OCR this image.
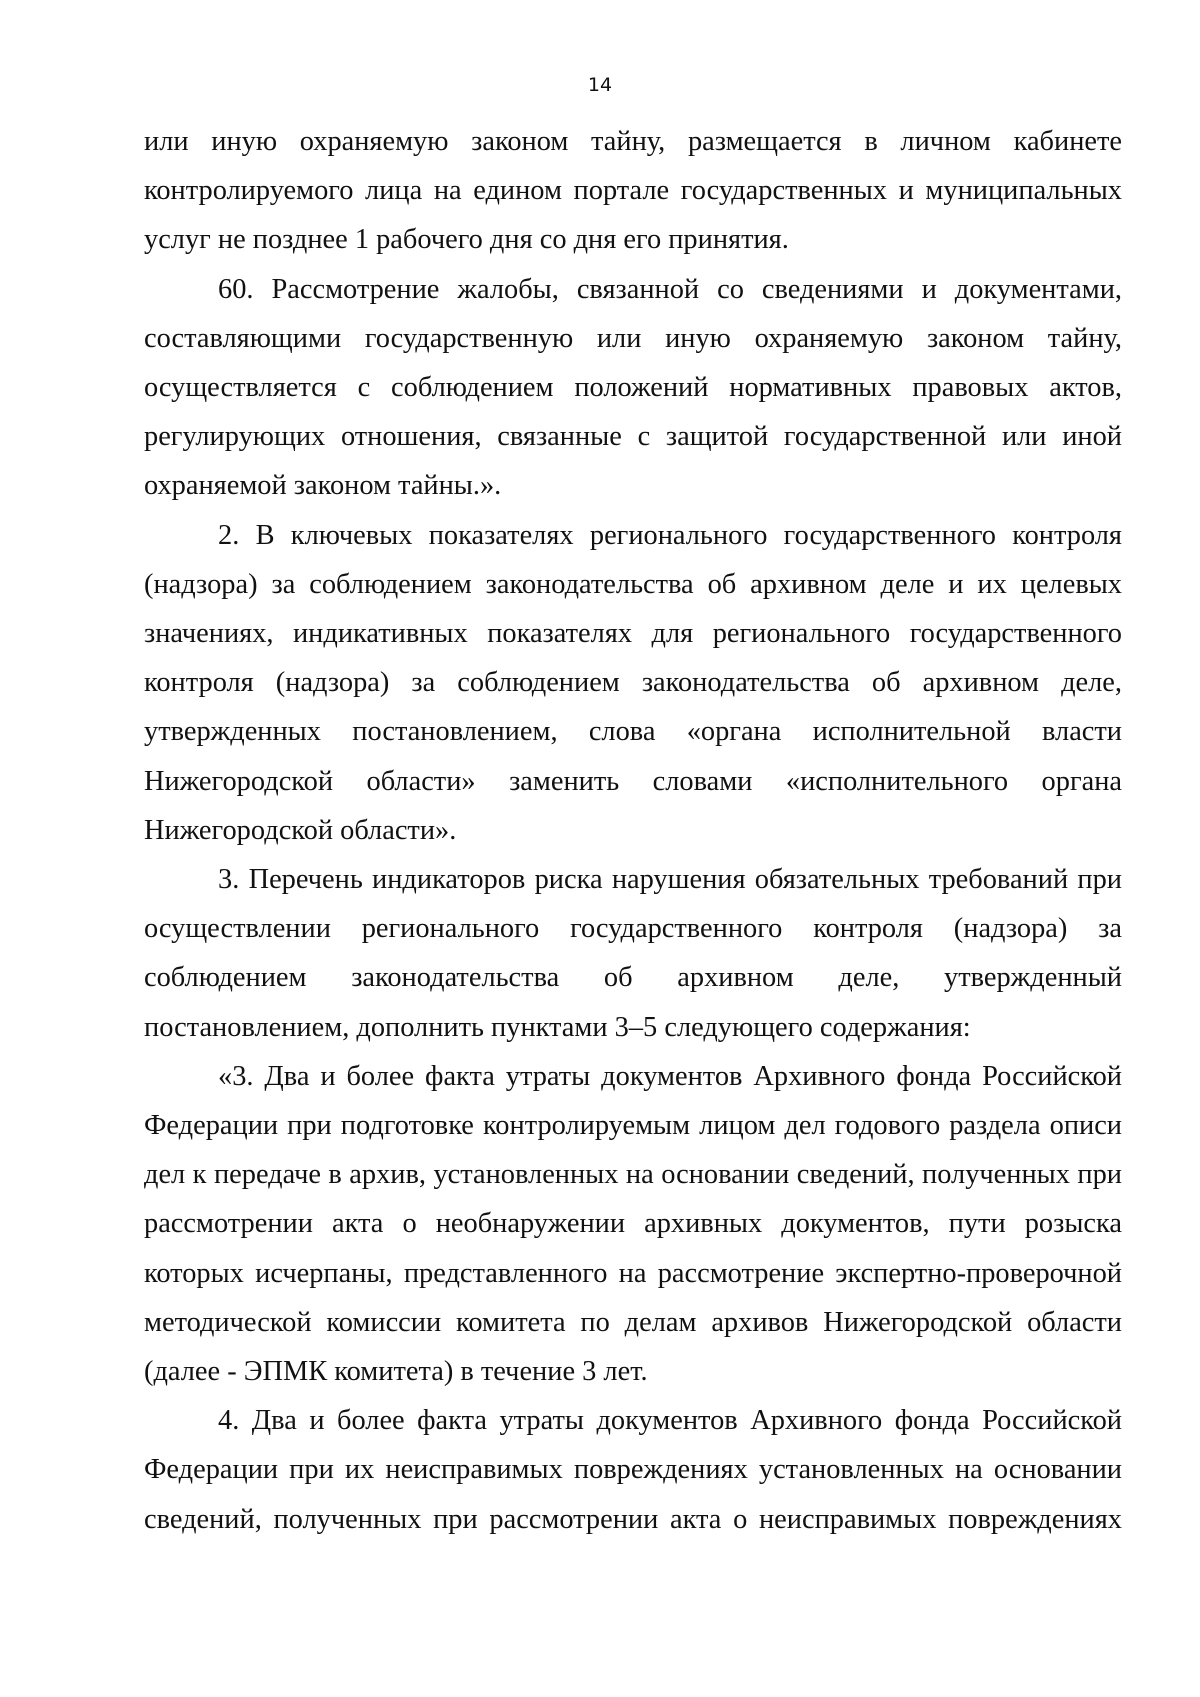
14

или иную охраняемую законом тайну, размещается в личном кабинете контролируемого лица на едином портале государственных и муниципальных услуг не позднее 1 рабочего дня со дня его принятия.

60. Рассмотрение жалобы, связанной со сведениями и документами, составляющими государственную или иную охраняемую законом тайну, осуществляется с соблюдением положений нормативных правовых актов, регулирующих отношения, связанные с защитой государственной или иной охраняемой законом тайны.».

2. В ключевых показателях регионального государственного контроля (надзора) за соблюдением законодательства об архивном деле и их целевых значениях, индикативных показателях для регионального государственного контроля (надзора) за соблюдением законодательства об архивном деле, утвержденных постановлением, слова «органа исполнительной власти Нижегородской области» заменить словами «исполнительного органа Нижегородской области».

3. Перечень индикаторов риска нарушения обязательных требований при осуществлении регионального государственного контроля (надзора) за соблюдением законодательства об архивном деле, утвержденный постановлением, дополнить пунктами 3–5 следующего содержания:

«3. Два и более факта утраты документов Архивного фонда Российской Федерации при подготовке контролируемым лицом дел годового раздела описи дел к передаче в архив, установленных на основании сведений, полученных при рассмотрении акта о необнаружении архивных документов, пути розыска которых исчерпаны, представленного на рассмотрение экспертно-проверочной методической комиссии комитета по делам архивов Нижегородской области (далее - ЭПМК комитета) в течение 3 лет.

4. Два и более факта утраты документов Архивного фонда Российской Федерации при их неисправимых повреждениях установленных на основании сведений, полученных при рассмотрении акта о неисправимых повреждениях
